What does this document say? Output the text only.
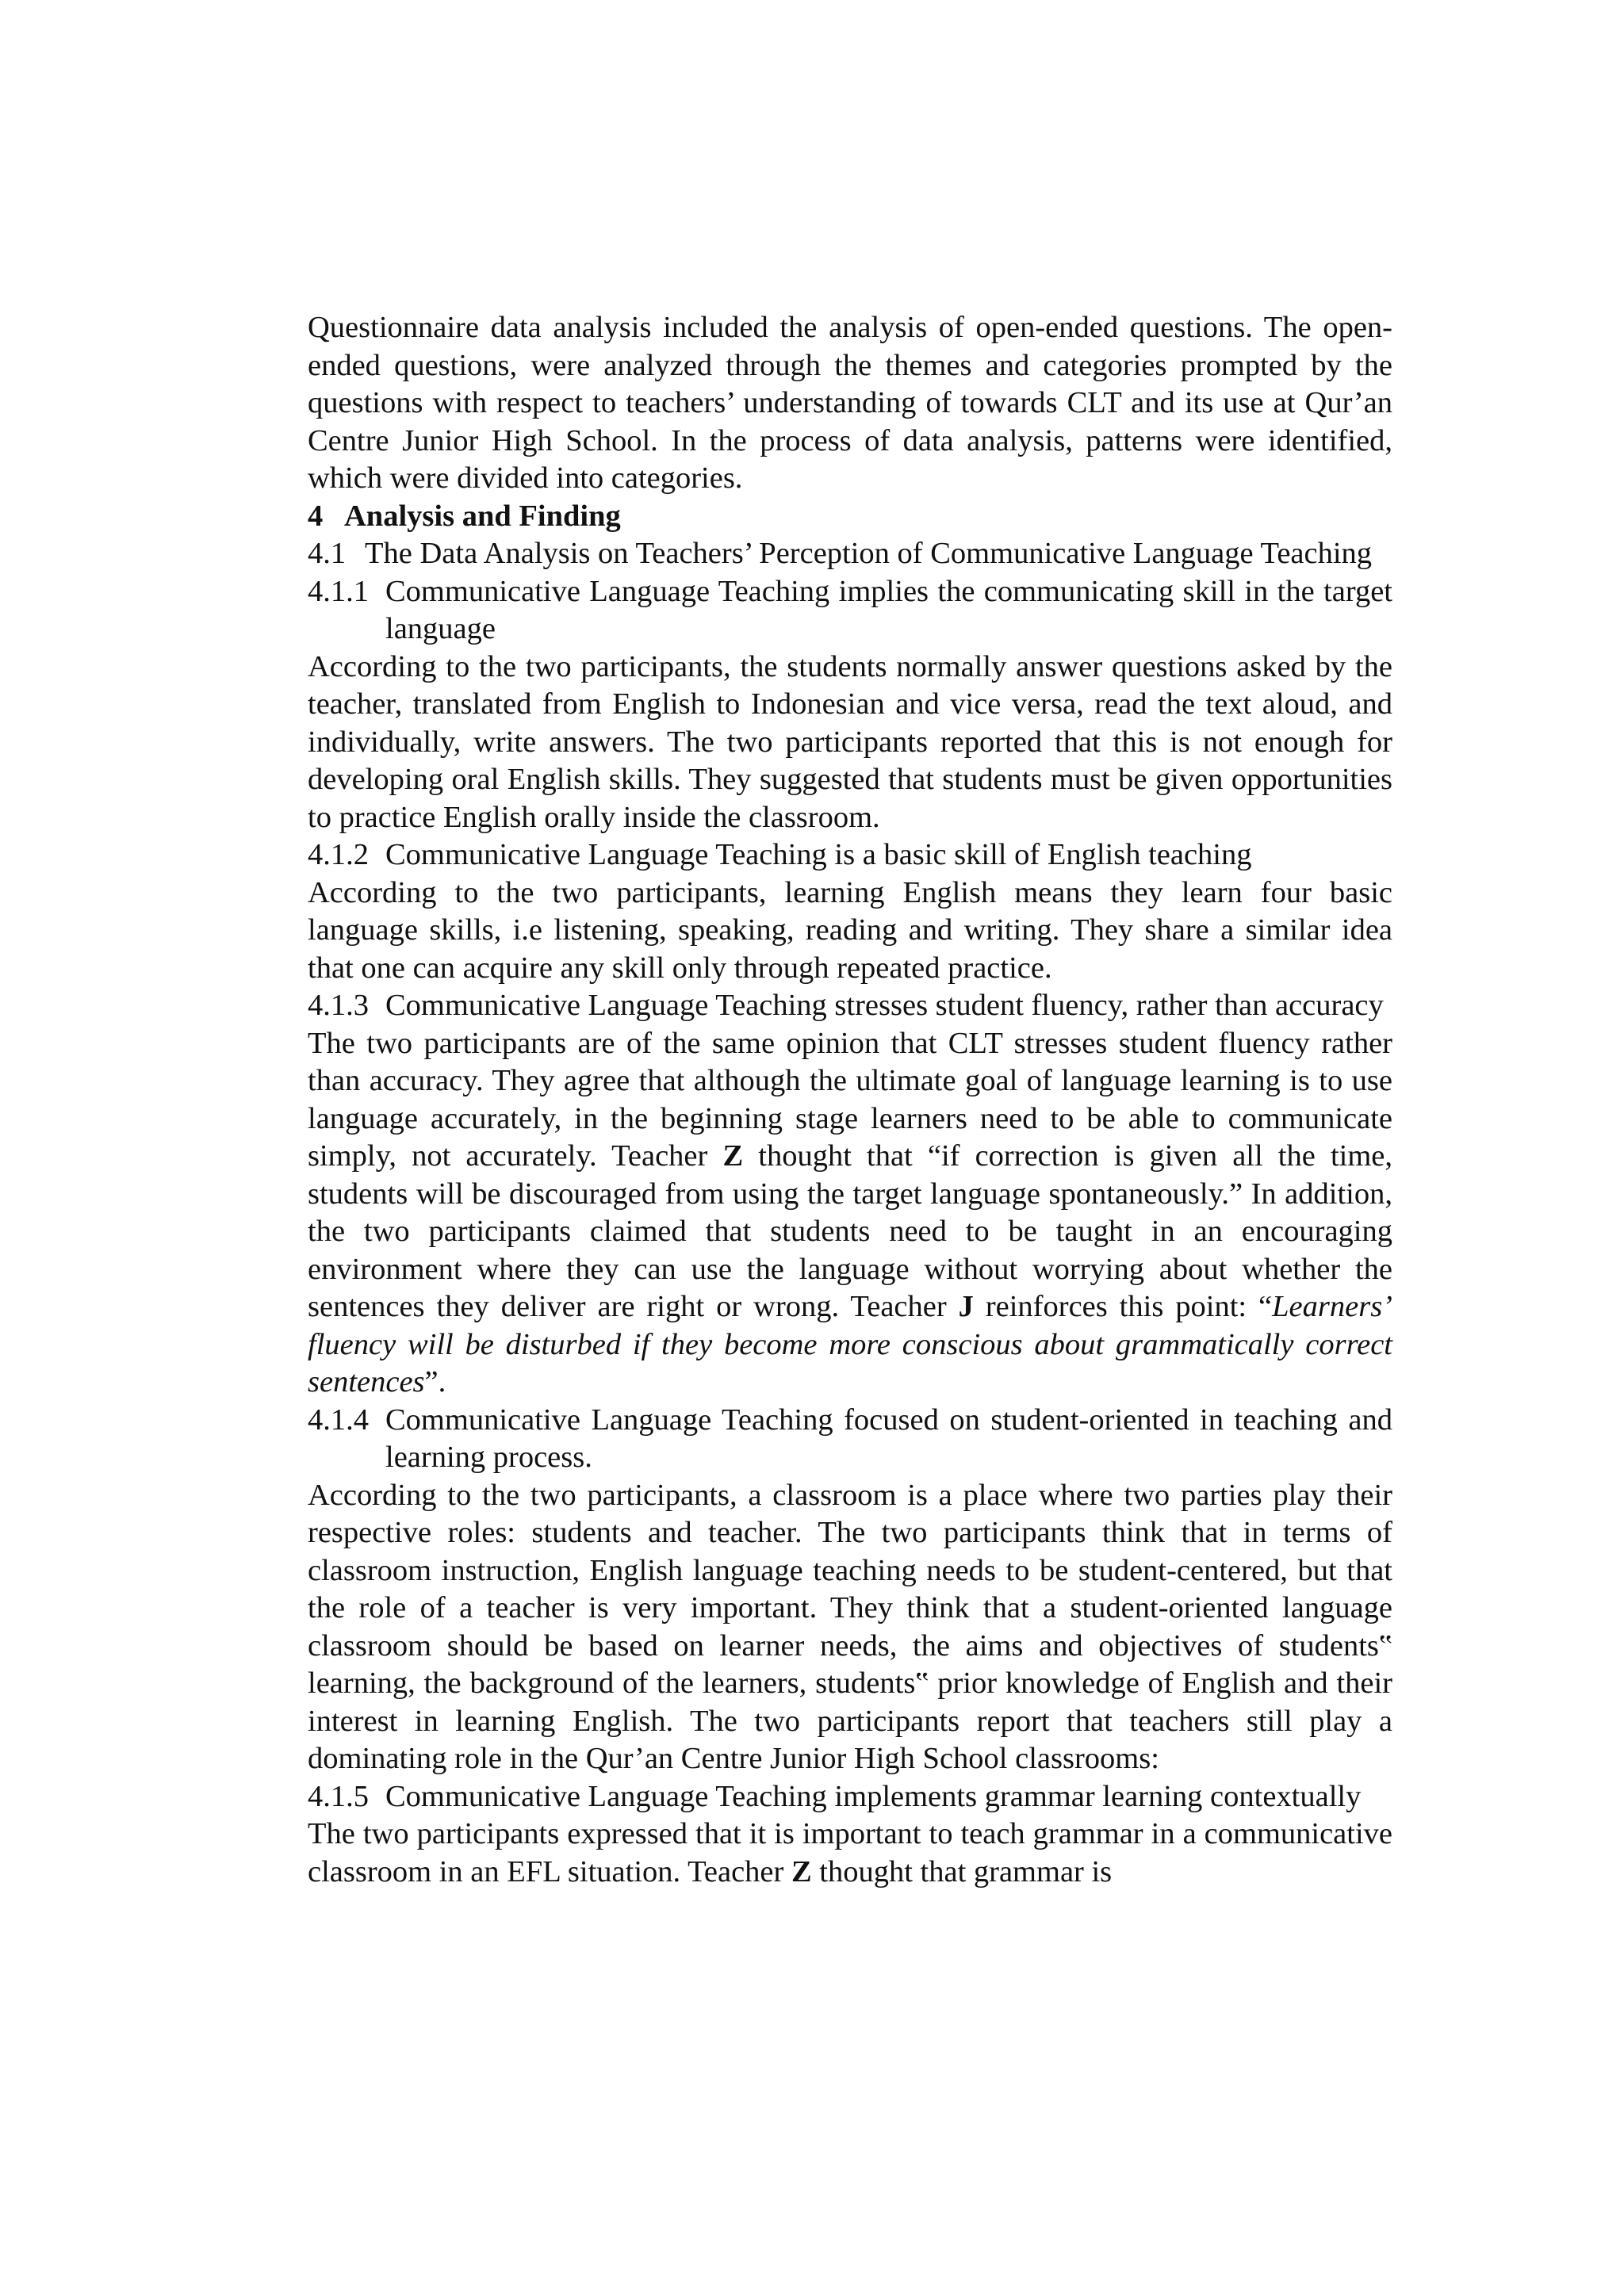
Questionnaire data analysis included the analysis of open-ended questions. The open-ended questions, were analyzed through the themes and categories prompted by the questions with respect to teachers’ understanding of towards CLT and its use at Qur’an Centre Junior High School. In the process of data analysis, patterns were identified, which were divided into categories.

4 Analysis and Finding
4.1 The Data Analysis on Teachers’ Perception of Communicative Language Teaching
4.1.1 Communicative Language Teaching implies the communicating skill in the target language

According to the two participants, the students normally answer questions asked by the teacher, translated from English to Indonesian and vice versa, read the text aloud, and individually, write answers. The two participants reported that this is not enough for developing oral English skills. They suggested that students must be given opportunities to practice English orally inside the classroom.

4.1.2 Communicative Language Teaching is a basic skill of English teaching

According to the two participants, learning English means they learn four basic language skills, i.e listening, speaking, reading and writing. They share a similar idea that one can acquire any skill only through repeated practice.

4.1.3 Communicative Language Teaching stresses student fluency, rather than accuracy

The two participants are of the same opinion that CLT stresses student fluency rather than accuracy. They agree that although the ultimate goal of language learning is to use language accurately, in the beginning stage learners need to be able to communicate simply, not accurately. Teacher Z thought that “if correction is given all the time, students will be discouraged from using the target language spontaneously.” In addition, the two participants claimed that students need to be taught in an encouraging environment where they can use the language without worrying about whether the sentences they deliver are right or wrong. Teacher J reinforces this point: “Learners’ fluency will be disturbed if they become more conscious about grammatically correct sentences”.

4.1.4 Communicative Language Teaching focused on student-oriented in teaching and learning process.

According to the two participants, a classroom is a place where two parties play their respective roles: students and teacher. The two participants think that in terms of classroom instruction, English language teaching needs to be student-centered, but that the role of a teacher is very important. They think that a student-oriented language classroom should be based on learner needs, the aims and objectives of students‟ learning, the background of the learners, students‟ prior knowledge of English and their interest in learning English. The two participants report that teachers still play a dominating role in the Qur’an Centre Junior High School classrooms:

4.1.5 Communicative Language Teaching implements grammar learning contextually

The two participants expressed that it is important to teach grammar in a communicative classroom in an EFL situation. Teacher Z thought that grammar is
